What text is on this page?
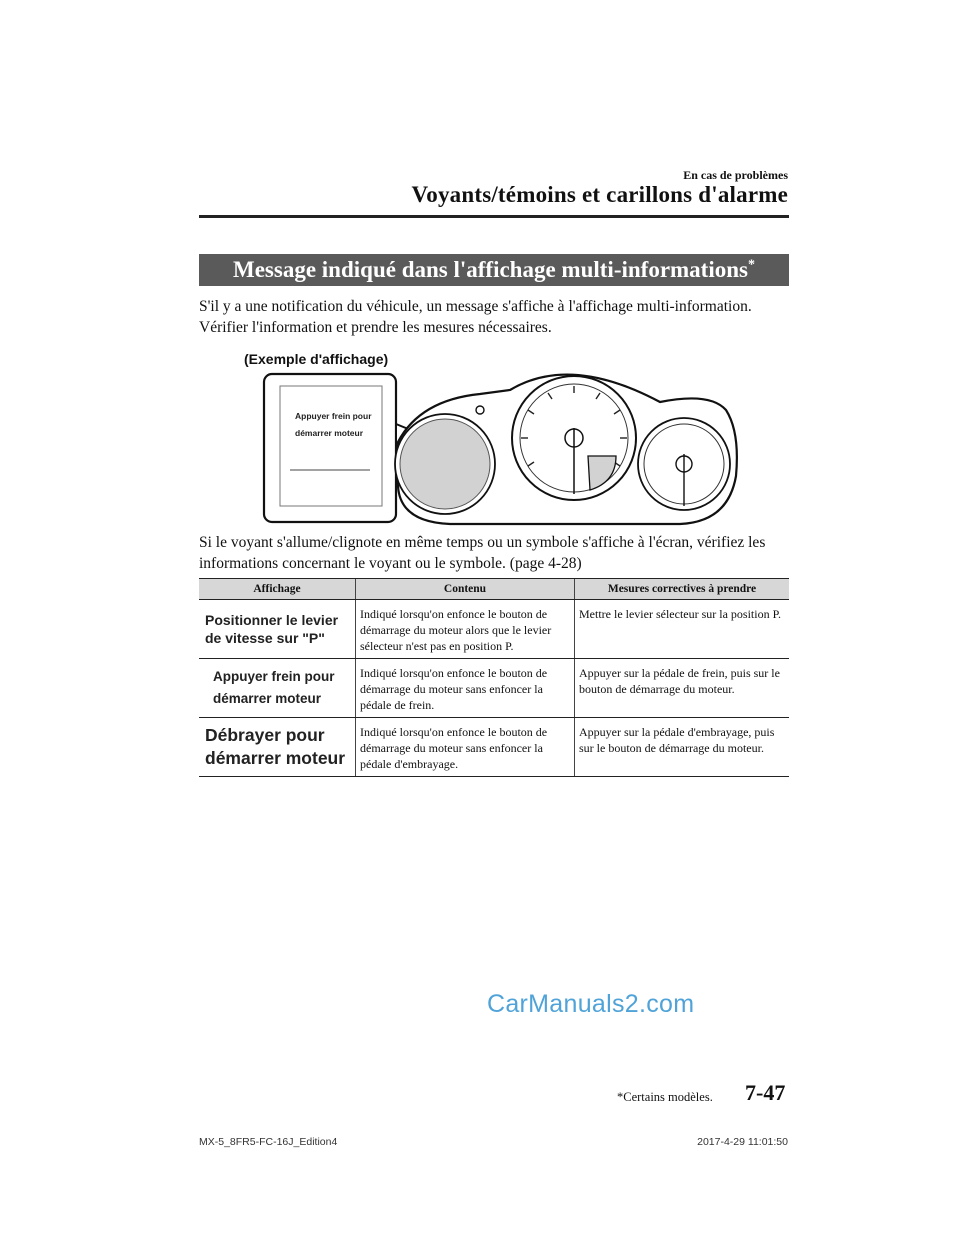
En cas de problèmes
Voyants/témoins et carillons d'alarme
Message indiqué dans l'affichage multi-informations*
S'il y a une notification du véhicule, un message s'affiche à l'affichage multi-information.
Vérifier l'information et prendre les mesures nécessaires.
(Exemple d'affichage)
Appuyer frein pour
démarrer moteur
Si le voyant s'allume/clignote en même temps ou un symbole s'affiche à l'écran, vérifiez les
informations concernant le voyant ou le symbole. (page 4-28)
Affichage	Contenu	Mesures correctives à prendre

Positionner le levier
de vitesse sur "P"	Indiqué lorsqu'on enfonce le bouton de démarrage du moteur alors que le levier sélecteur n'est pas en position P.	Mettre le levier sélecteur sur la position P.

Appuyer frein pour
démarrer moteur	Indiqué lorsqu'on enfonce le bouton de démarrage du moteur sans enfoncer la pédale de frein.	Appuyer sur la pédale de frein, puis sur le bouton de démarrage du moteur.

Débrayer pour
démarrer moteur	Indiqué lorsqu'on enfonce le bouton de démarrage du moteur sans enfoncer la pédale d'embrayage.	Appuyer sur la pédale d'embrayage, puis sur le bouton de démarrage du moteur.
CarManuals2.com
*Certains modèles. 7-47
MX-5_8FR5-FC-16J_Edition4	2017-4-29 11:01:50
